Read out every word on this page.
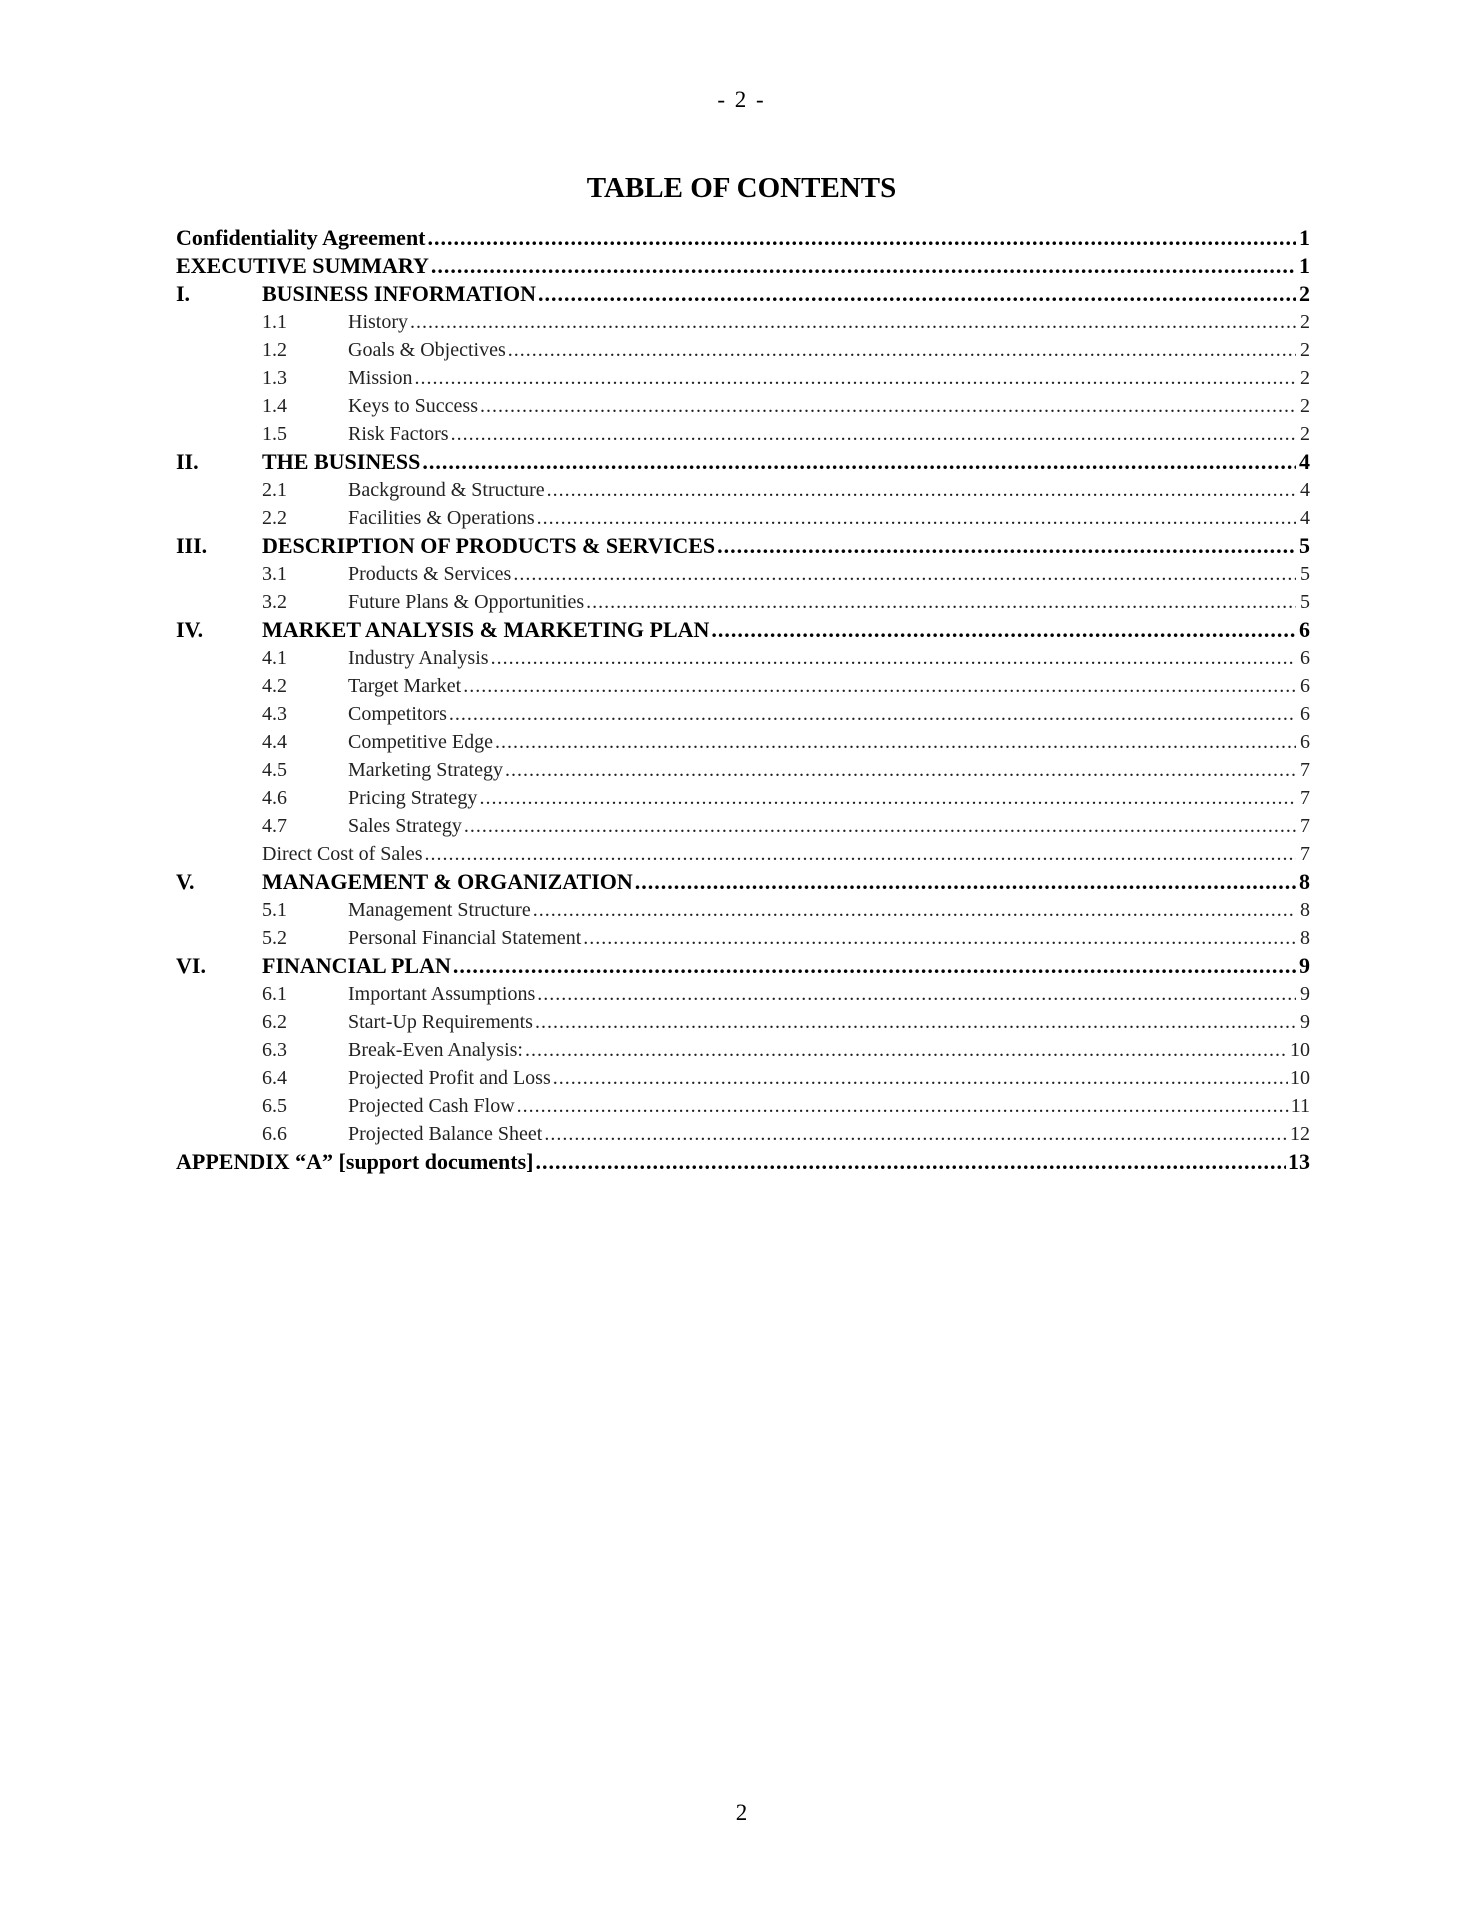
- 2 -
TABLE OF CONTENTS
Confidentiality Agreement .....	1
EXECUTIVE SUMMARY .....	1
I.	BUSINESS INFORMATION .....	2
1.1	History .....	2
1.2	Goals & Objectives .....	2
1.3	Mission .....	2
1.4	Keys to Success .....	2
1.5	Risk Factors .....	2
II.	THE BUSINESS .....	4
2.1	Background & Structure .....	4
2.2	Facilities & Operations .....	4
III.	DESCRIPTION OF PRODUCTS & SERVICES .....	5
3.1	Products & Services .....	5
3.2	Future Plans & Opportunities .....	5
IV.	MARKET ANALYSIS & MARKETING PLAN .....	6
4.1	Industry Analysis .....	6
4.2	Target Market .....	6
4.3	Competitors .....	6
4.4	Competitive Edge .....	6
4.5	Marketing Strategy .....	7
4.6	Pricing Strategy .....	7
4.7	Sales Strategy .....	7
Direct Cost of Sales .....	7
V.	MANAGEMENT & ORGANIZATION .....	8
5.1	Management Structure .....	8
5.2	Personal Financial Statement .....	8
VI.	FINANCIAL PLAN .....	9
6.1	Important Assumptions .....	9
6.2	Start-Up Requirements .....	9
6.3	Break-Even Analysis: .....	10
6.4	Projected Profit and Loss .....	10
6.5	Projected Cash Flow .....	11
6.6	Projected Balance Sheet .....	12
APPENDIX “A” [support documents] .....	13
2
